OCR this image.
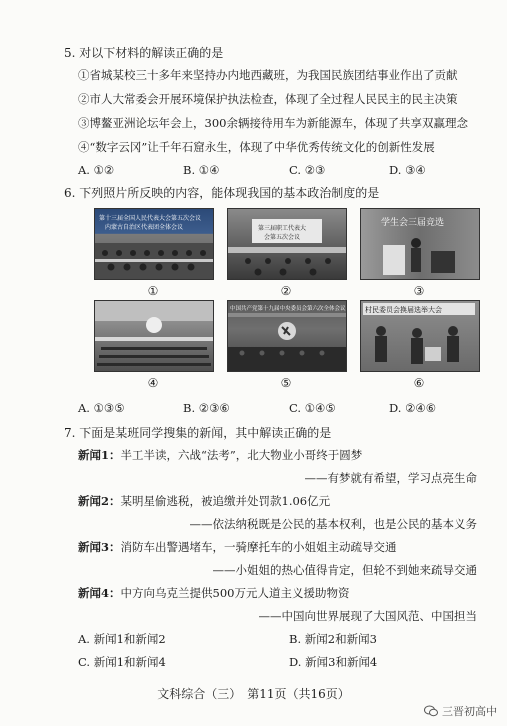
5. 对以下材料的解读正确的是
①省城某校三十多年来坚持办内地西藏班，为我国民族团结事业作出了贡献
②市人大常委会开展环境保护执法检查，体现了全过程人民民主的民主决策
③博鳌亚洲论坛年会上，300余辆接待用车为新能源车，体现了共享双赢理念
④“数字云冈”让千年石窟永生，体现了中华优秀传统文化的创新性发展
A. ①②	B. ①④	C. ②③	D. ③④
6. 下列照片所反映的内容，能体现我国的基本政治制度的是
第十三届全国人民代表大会第五次会议
内蒙古自治区代表团全体会议
①
第三届职工代表大
会第五次会议
②
学生会三届竞选
③
④
中国共产党第十九届中央委员会第六次全体会议
⑤
村民委员会换届选举大会
⑥
A. ①③⑤	B. ②③⑥	C. ①④⑤	D. ②④⑥
7. 下面是某班同学搜集的新闻，其中解读正确的是
新闻1：半工半读，六战“法考”，北大物业小哥终于圆梦
——有梦就有希望，学习点亮生命
新闻2：某明星偷逃税，被追缴并处罚款1.06亿元
——依法纳税既是公民的基本权利，也是公民的基本义务
新闻3：消防车出警遇堵车，一骑摩托车的小姐姐主动疏导交通
——小姐姐的热心值得肯定，但轮不到她来疏导交通
新闻4：中方向乌克兰提供500万元人道主义援助物资
——中国向世界展现了大国风范、中国担当
A. 新闻1和新闻2	B. 新闻2和新闻3
C. 新闻1和新闻4	D. 新闻3和新闻4
文科综合（三）　第11页（共16页）
三晋初高中
